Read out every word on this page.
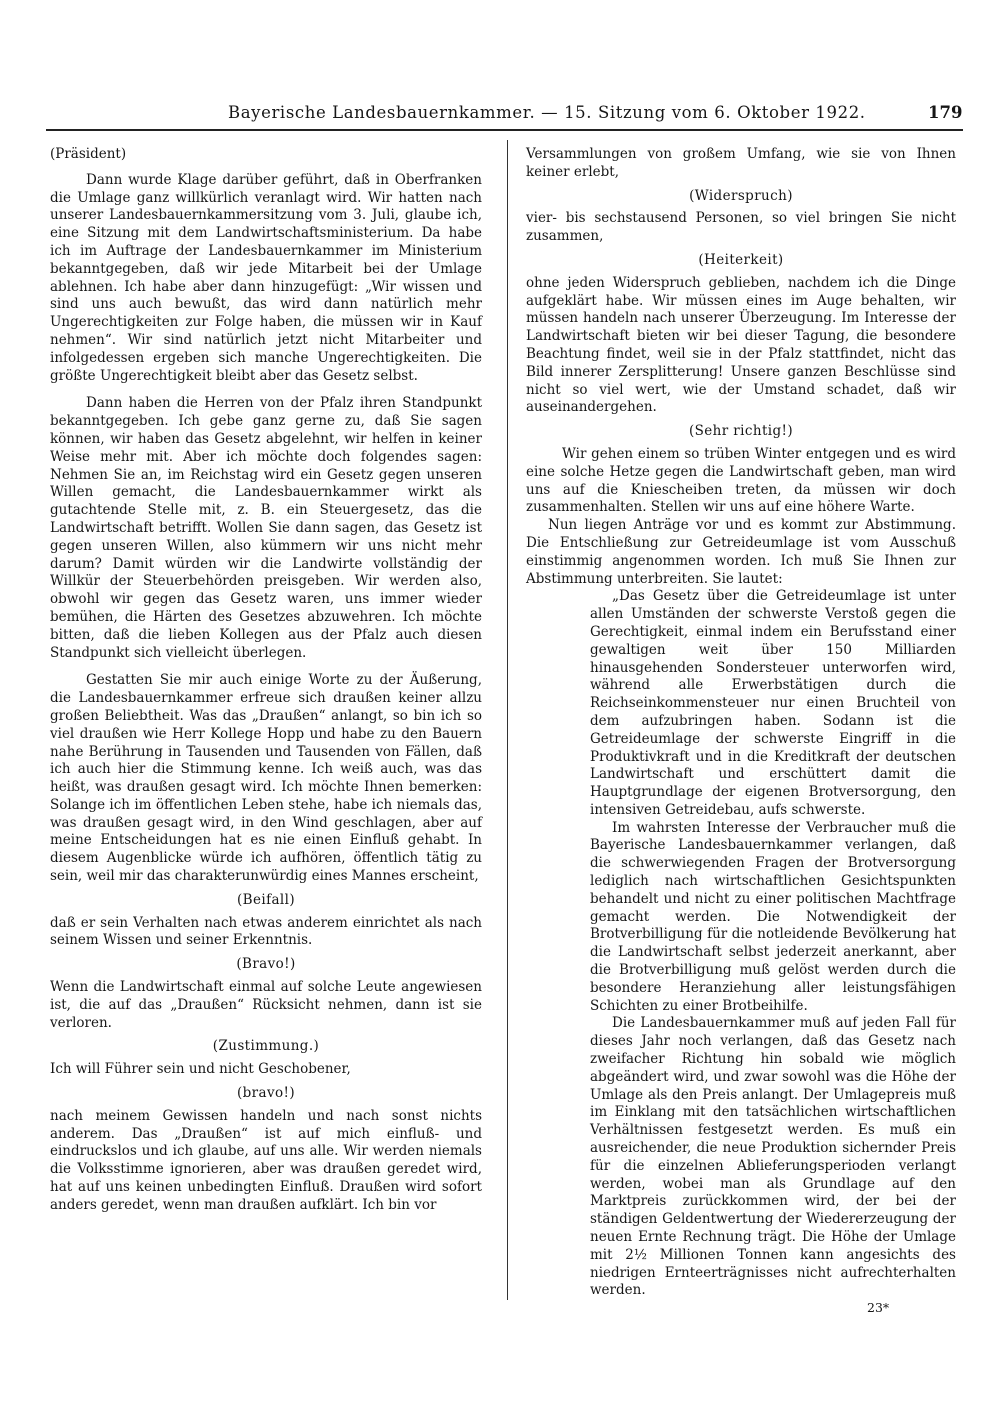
Bayerische Landesbauernkammer. — 15. Sitzung vom 6. Oktober 1922.	179

(Präsident)

Dann wurde Klage darüber geführt, daß in Oberfranken die Umlage ganz willkürlich veranlagt wird. Wir hatten nach unserer Landesbauernkammersitzung vom 3. Juli, glaube ich, eine Sitzung mit dem Landwirtschaftsministerium. Da habe ich im Auftrage der Landesbauernkammer im Ministerium bekanntgegeben, daß wir jede Mitarbeit bei der Umlage ablehnen. Ich habe aber dann hinzugefügt: „Wir wissen und sind uns auch bewußt, das wird dann natürlich mehr Ungerechtigkeiten zur Folge haben, die müssen wir in Kauf nehmen“. Wir sind natürlich jetzt nicht Mitarbeiter und infolgedessen ergeben sich manche Ungerechtigkeiten. Die größte Ungerechtigkeit bleibt aber das Gesetz selbst.

Dann haben die Herren von der Pfalz ihren Standpunkt bekanntgegeben. Ich gebe ganz gerne zu, daß Sie sagen können, wir haben das Gesetz abgelehnt, wir helfen in keiner Weise mehr mit. Aber ich möchte doch folgendes sagen: Nehmen Sie an, im Reichstag wird ein Gesetz gegen unseren Willen gemacht, die Landesbauernkammer wirkt als gutachtende Stelle mit, z. B. ein Steuergesetz, das die Landwirtschaft betrifft. Wollen Sie dann sagen, das Gesetz ist gegen unseren Willen, also kümmern wir uns nicht mehr darum? Damit würden wir die Landwirte vollständig der Willkür der Steuerbehörden preisgeben. Wir werden also, obwohl wir gegen das Gesetz waren, uns immer wieder bemühen, die Härten des Gesetzes abzuwehren. Ich möchte bitten, daß die lieben Kollegen aus der Pfalz auch diesen Standpunkt sich vielleicht überlegen.

Gestatten Sie mir auch einige Worte zu der Äußerung, die Landesbauernkammer erfreue sich draußen keiner allzu großen Beliebtheit. Was das „Draußen“ anlangt, so bin ich so viel draußen wie Herr Kollege Hopp und habe zu den Bauern nahe Berührung in Tausenden und Tausenden von Fällen, daß ich auch hier die Stimmung kenne. Ich weiß auch, was das heißt, was draußen gesagt wird. Ich möchte Ihnen bemerken: Solange ich im öffentlichen Leben stehe, habe ich niemals das, was draußen gesagt wird, in den Wind geschlagen, aber auf meine Entscheidungen hat es nie einen Einfluß gehabt. In diesem Augenblicke würde ich aufhören, öffentlich tätig zu sein, weil mir das charakterunwürdig eines Mannes erscheint,

(Beifall)

daß er sein Verhalten nach etwas anderem einrichtet als nach seinem Wissen und seiner Erkenntnis.

(Bravo!)

Wenn die Landwirtschaft einmal auf solche Leute angewiesen ist, die auf das „Draußen“ Rücksicht nehmen, dann ist sie verloren.

(Zustimmung.)

Ich will Führer sein und nicht Geschobener,

(bravo!)

nach meinem Gewissen handeln und nach sonst nichts anderem. Das „Draußen“ ist auf mich einfluß- und eindruckslos und ich glaube, auf uns alle. Wir werden niemals die Volksstimme ignorieren, aber was draußen geredet wird, hat auf uns keinen unbedingten Einfluß. Draußen wird sofort anders geredet, wenn man draußen aufklärt. Ich bin vor

Versammlungen von großem Umfang, wie sie von Ihnen keiner erlebt,

(Widerspruch)

vier- bis sechstausend Personen, so viel bringen Sie nicht zusammen,

(Heiterkeit)

ohne jeden Widerspruch geblieben, nachdem ich die Dinge aufgeklärt habe. Wir müssen eines im Auge behalten, wir müssen handeln nach unserer Überzeugung. Im Interesse der Landwirtschaft bieten wir bei dieser Tagung, die besondere Beachtung findet, weil sie in der Pfalz stattfindet, nicht das Bild innerer Zersplitterung! Unsere ganzen Beschlüsse sind nicht so viel wert, wie der Umstand schadet, daß wir auseinandergehen.

(Sehr richtig!)

Wir gehen einem so trüben Winter entgegen und es wird eine solche Hetze gegen die Landwirtschaft geben, man wird uns auf die Kniescheiben treten, da müssen wir doch zusammenhalten. Stellen wir uns auf eine höhere Warte.

Nun liegen Anträge vor und es kommt zur Abstimmung. Die Entschließung zur Getreideumlage ist vom Ausschuß einstimmig angenommen worden. Ich muß Sie Ihnen zur Abstimmung unterbreiten. Sie lautet:

„Das Gesetz über die Getreideumlage ist unter allen Umständen der schwerste Verstoß gegen die Gerechtigkeit, einmal indem ein Berufsstand einer gewaltigen weit über 150 Milliarden hinausgehenden Sondersteuer unterworfen wird, während alle Erwerbstätigen durch die Reichseinkommensteuer nur einen Bruchteil von dem aufzubringen haben. Sodann ist die Getreideumlage der schwerste Eingriff in die Produktivkraft und in die Kreditkraft der deutschen Landwirtschaft und erschüttert damit die Hauptgrundlage der eigenen Brotversorgung, den intensiven Getreidebau, aufs schwerste.

Im wahrsten Interesse der Verbraucher muß die Bayerische Landesbauernkammer verlangen, daß die schwerwiegenden Fragen der Brotversorgung lediglich nach wirtschaftlichen Gesichtspunkten behandelt und nicht zu einer politischen Machtfrage gemacht werden. Die Notwendigkeit der Brotverbilligung für die notleidende Bevölkerung hat die Landwirtschaft selbst jederzeit anerkannt, aber die Brotverbilligung muß gelöst werden durch die besondere Heranziehung aller leistungsfähigen Schichten zu einer Brotbeihilfe.

Die Landesbauernkammer muß auf jeden Fall für dieses Jahr noch verlangen, daß das Gesetz nach zweifacher Richtung hin sobald wie möglich abgeändert wird, und zwar sowohl was die Höhe der Umlage als den Preis anlangt. Der Umlagepreis muß im Einklang mit den tatsächlichen wirtschaftlichen Verhältnissen festgesetzt werden. Es muß ein ausreichender, die neue Produktion sichernder Preis für die einzelnen Ablieferungsperioden verlangt werden, wobei man als Grundlage auf den Marktpreis zurückkommen wird, der bei der ständigen Geldentwertung der Wiedererzeugung der neuen Ernte Rechnung trägt. Die Höhe der Umlage mit 2½ Millionen Tonnen kann angesichts des niedrigen Ernteerträgnisses nicht aufrechterhalten werden.

23*
